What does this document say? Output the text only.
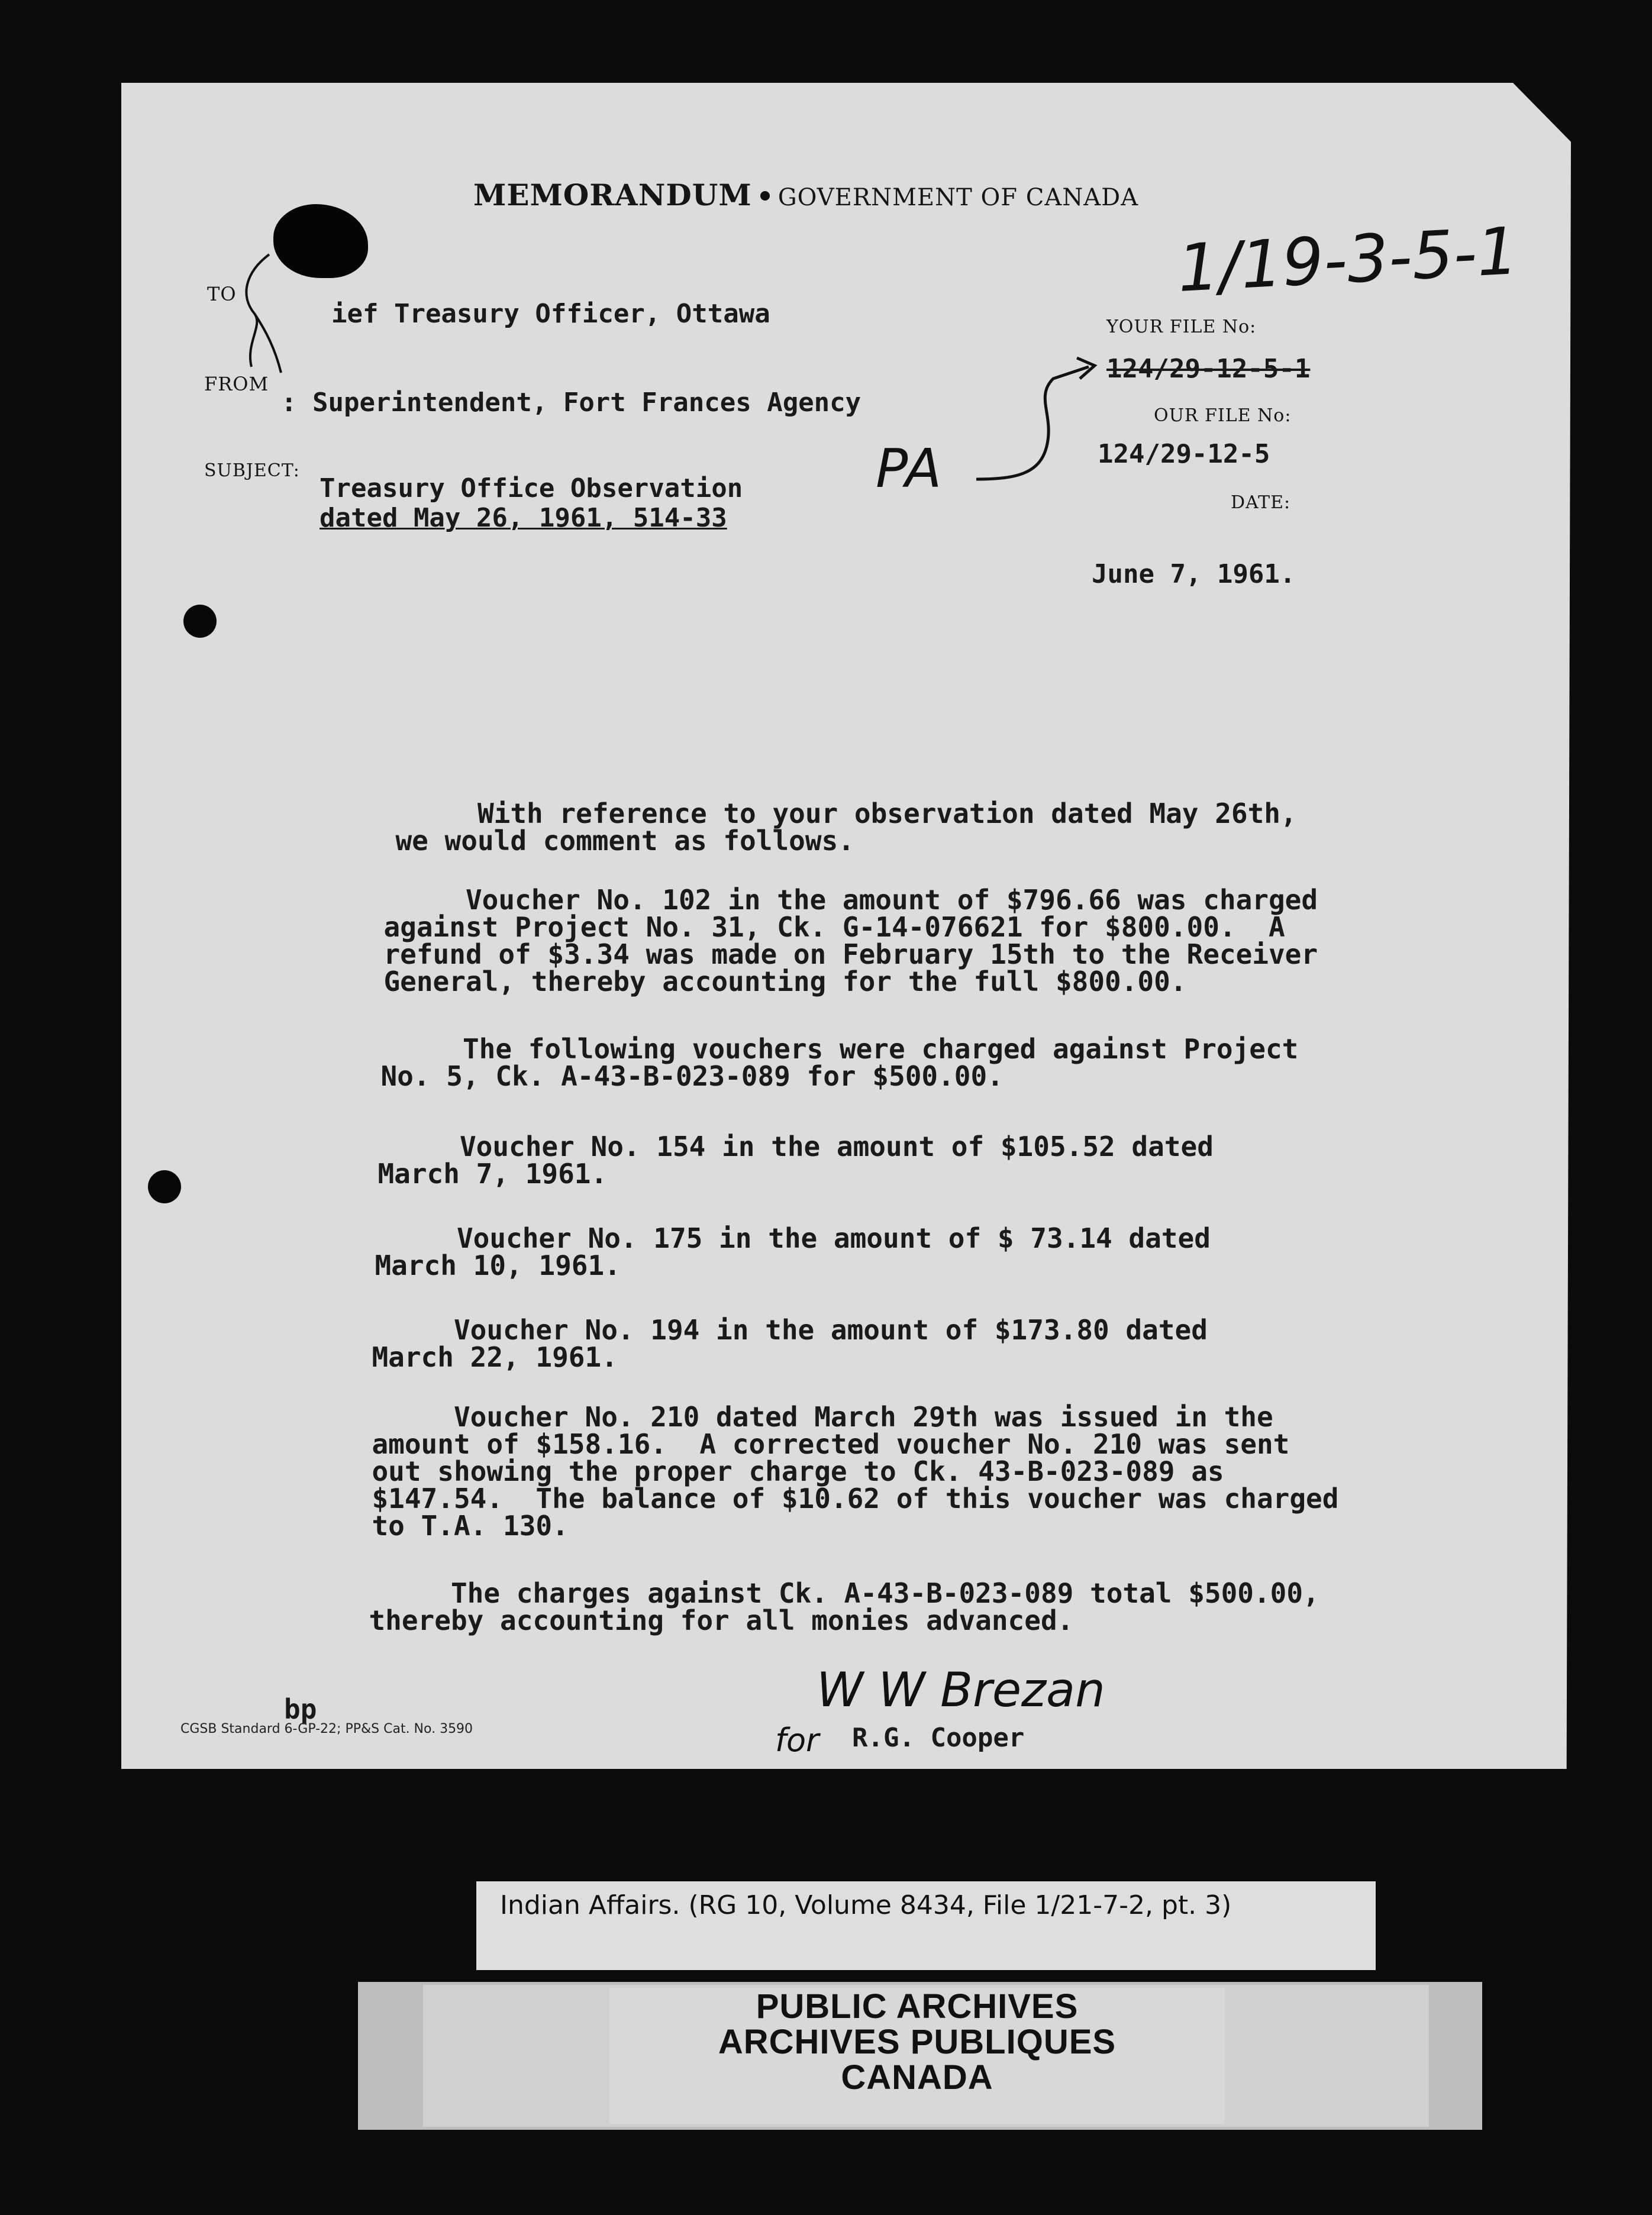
MEMORANDUM GOVERNMENT OF CANADA
1/19-3-5-1
TO
ief Treasury Officer, Ottawa
FROM
: Superintendent, Fort Frances Agency
SUBJECT:
Treasury Office Observation
dated May 26, 1961, 514-33
YOUR FILE No:
124/29-12-5-1
OUR FILE No:
124/29-12-5
DATE:
June 7, 1961.
PA
With reference to your observation dated May 26th,
we would comment as follows.
Voucher No. 102 in the amount of $796.66 was charged
against Project No. 31, Ck. G-14-076621 for $800.00.  A
refund of $3.34 was made on February 15th to the Receiver
General, thereby accounting for the full $800.00.
The following vouchers were charged against Project
No. 5, Ck. A-43-B-023-089 for $500.00.
Voucher No. 154 in the amount of $105.52 dated
March 7, 1961.
Voucher No. 175 in the amount of $ 73.14 dated
March 10, 1961.
Voucher No. 194 in the amount of $173.80 dated
March 22, 1961.
Voucher No. 210 dated March 29th was issued in the
amount of $158.16.  A corrected voucher No. 210 was sent
out showing the proper charge to Ck. 43-B-023-089 as
$147.54.  The balance of $10.62 of this voucher was charged
to T.A. 130.
The charges against Ck. A-43-B-023-089 total $500.00,
thereby accounting for all monies advanced.
W W Brezan
for R.G. Cooper
bp
CGSB Standard 6-GP-22; PP&S Cat. No. 3590
Indian Affairs. (RG 10, Volume 8434, File 1/21-7-2, pt. 3)
PUBLIC ARCHIVES
ARCHIVES PUBLIQUES
CANADA
